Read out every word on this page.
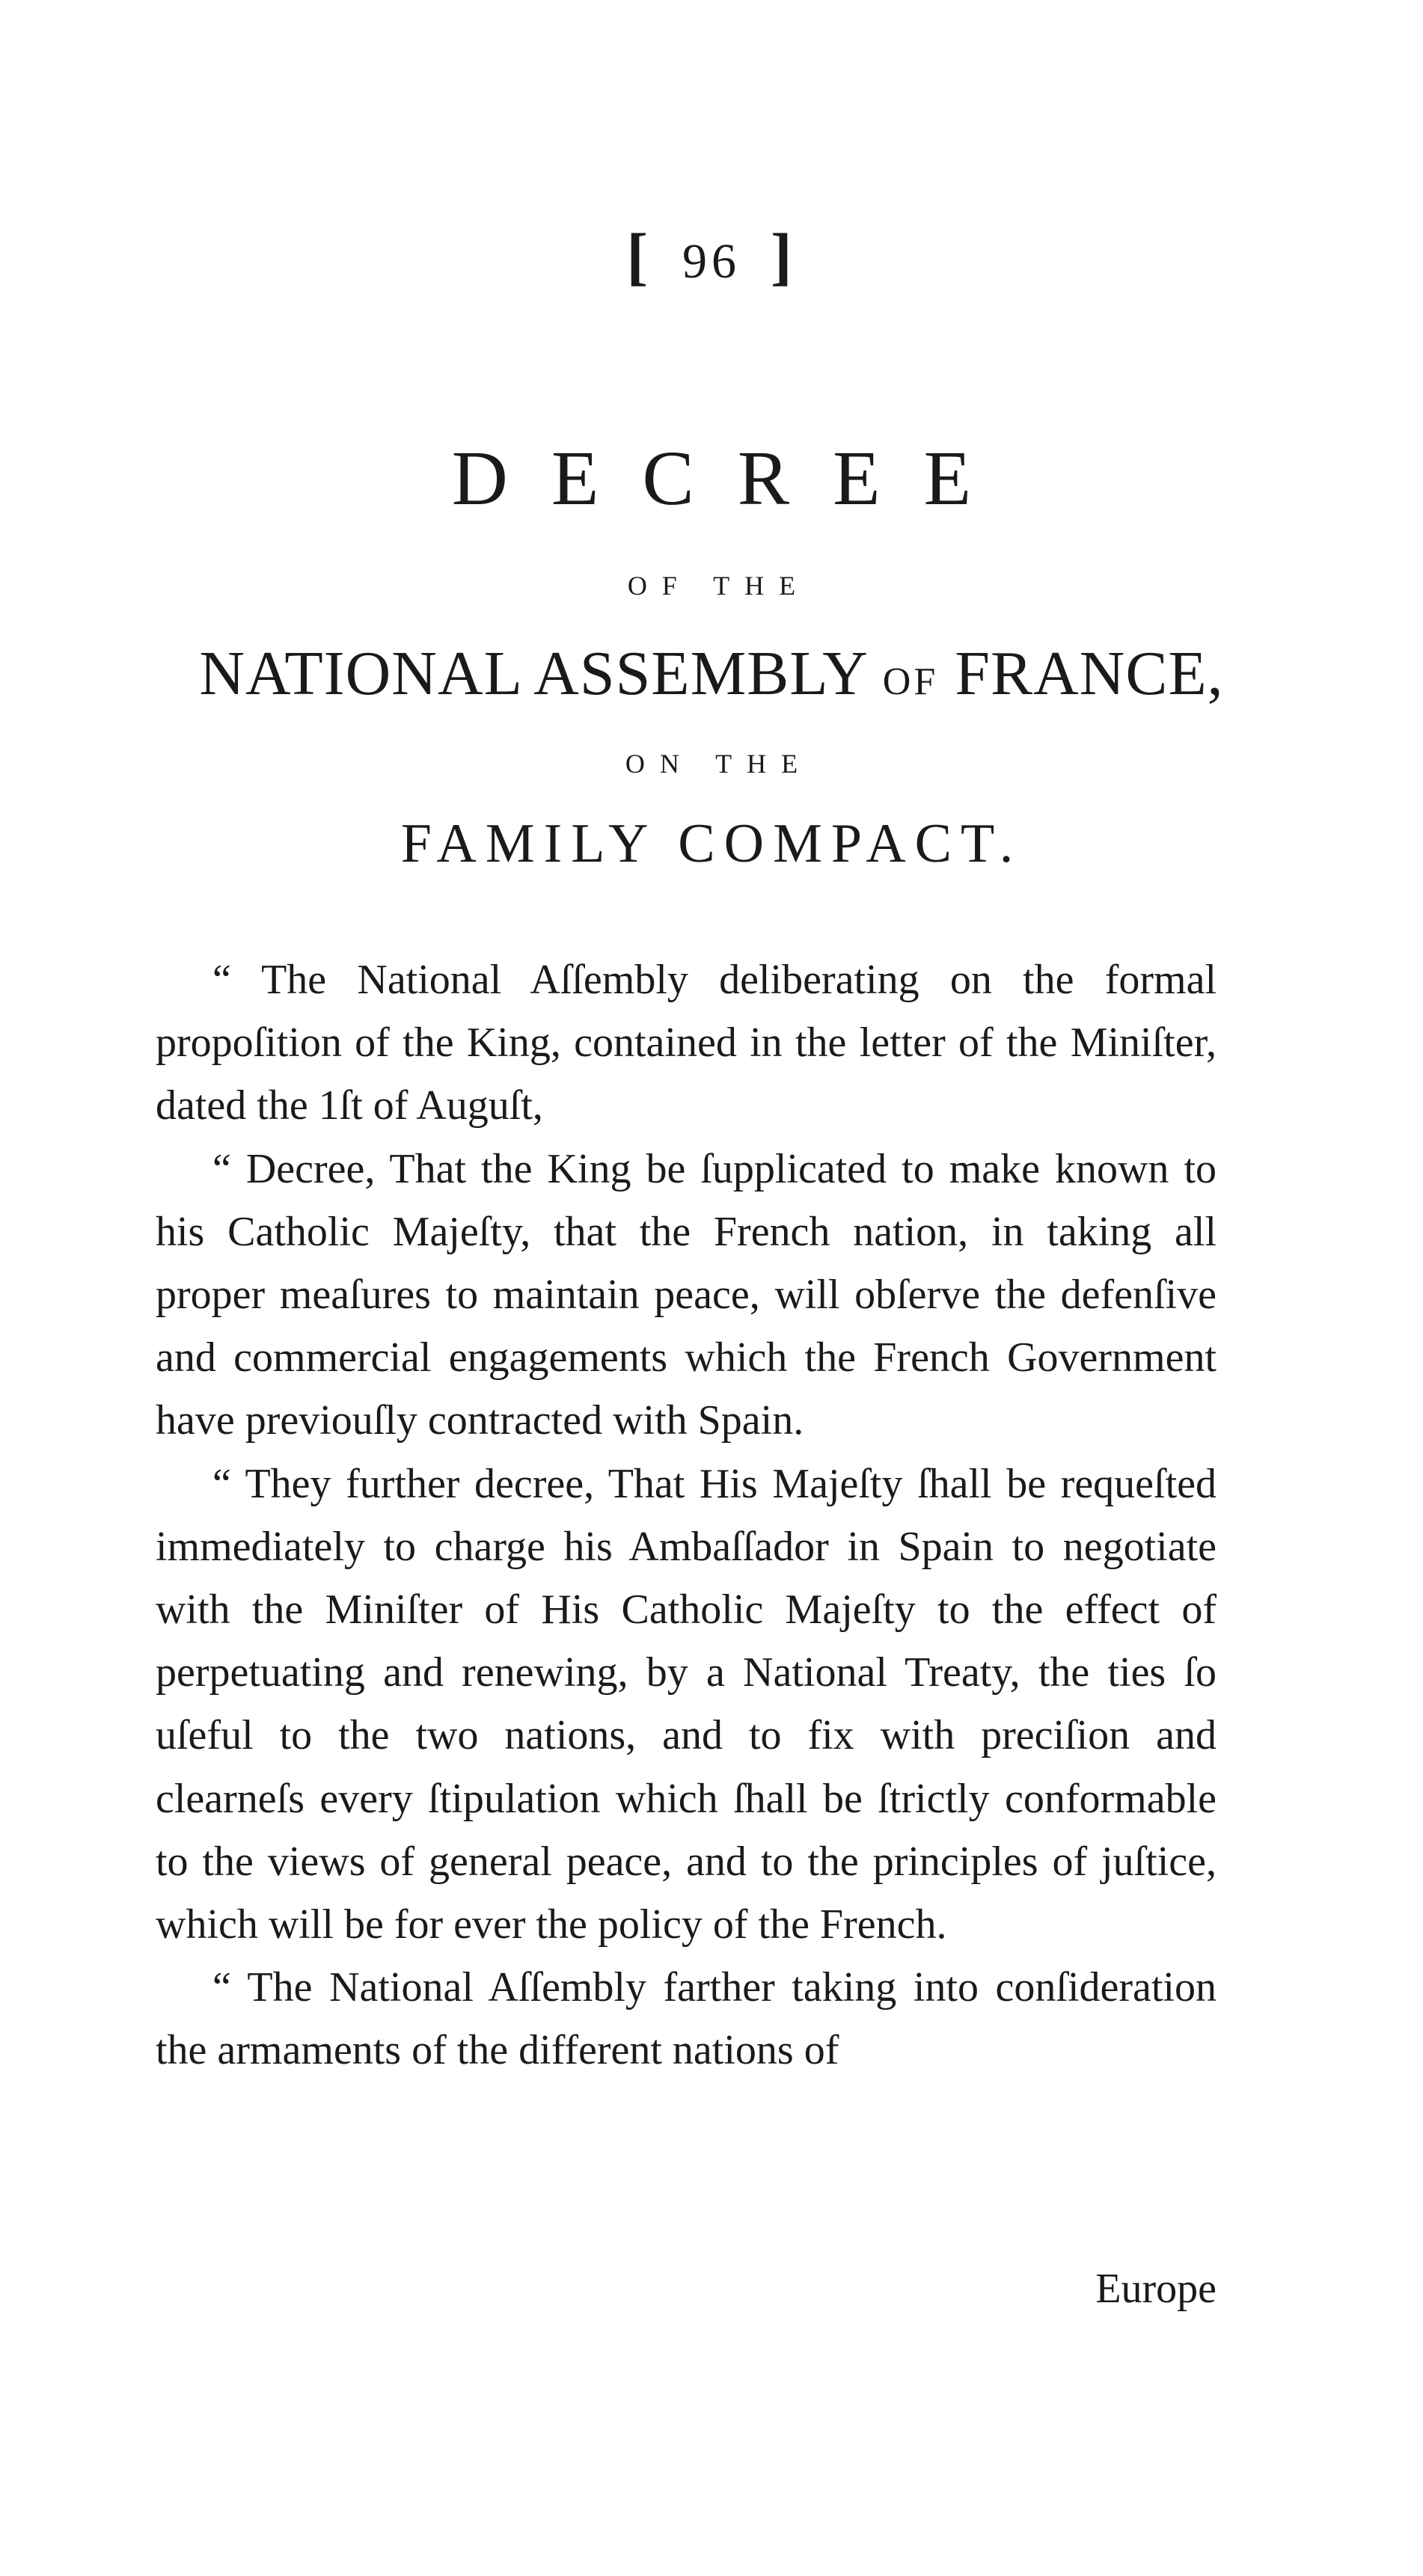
[ 96 ]
DECREE
OF THE
NATIONAL ASSEMBLY OF FRANCE,
ON THE
FAMILY COMPACT.

“ The National Aſſembly deliberating on the formal propoſition of the King, contained in the letter of the Miniſter, dated the 1ſt of Auguſt,

“ Decree, That the King be ſupplicated to make known to his Catholic Majeſty, that the French nation, in taking all proper meaſures to maintain peace, will obſerve the defenſive and commercial engagements which the French Government have previouſly contracted with Spain.

“ They further decree, That His Majeſty ſhall be requeſted immediately to charge his Ambaſſador in Spain to negotiate with the Miniſter of His Catholic Majeſty to the effect of perpetuating and renewing, by a National Treaty, the ties ſo uſeful to the two nations, and to fix with preciſion and clearneſs every ſtipulation which ſhall be ſtrictly conformable to the views of general peace, and to the principles of juſtice, which will be for ever the policy of the French.

“ The National Aſſembly farther taking into conſideration the armaments of the different nations of

Europe
